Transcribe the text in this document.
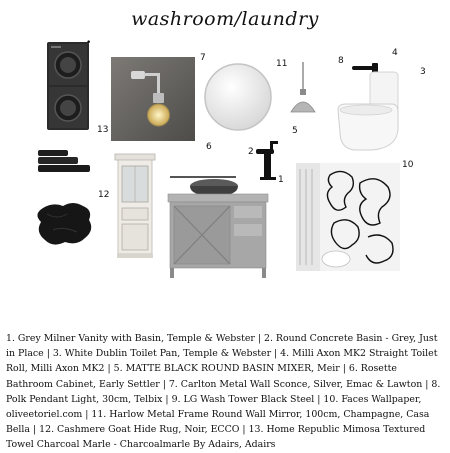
washroom/laundry
•
13
7
6
11
5
8
4
3
2
1
12
10
1. Grey Milner Vanity with Basin, Temple & Webster | 2. Round Concrete Basin - Grey, Just in Place | 3. White Dublin Toilet Pan, Temple & Webster | 4. Milli Axon MK2 Straight Toilet Roll, Milli Axon MK2 | 5. MATTE BLACK ROUND BASIN MIXER, Meir | 6. Rosette Bathroom Cabinet, Early Settler | 7. Carlton Metal Wall Sconce, Silver, Emac & Lawton | 8. Polk Pendant Light, 30cm, Telbix | 9. LG Wash Tower Black Steel | 10. Faces Wallpaper, oliveetoriel.com | 11. Harlow Metal Frame Round Wall Mirror, 100cm, Champagne, Casa Bella | 12. Cashmere Goat Hide Rug, Noir, ECCO | 13. Home Republic Mimosa Textured Towel Charcoal Marle - Charcoalmarle By Adairs, Adairs
